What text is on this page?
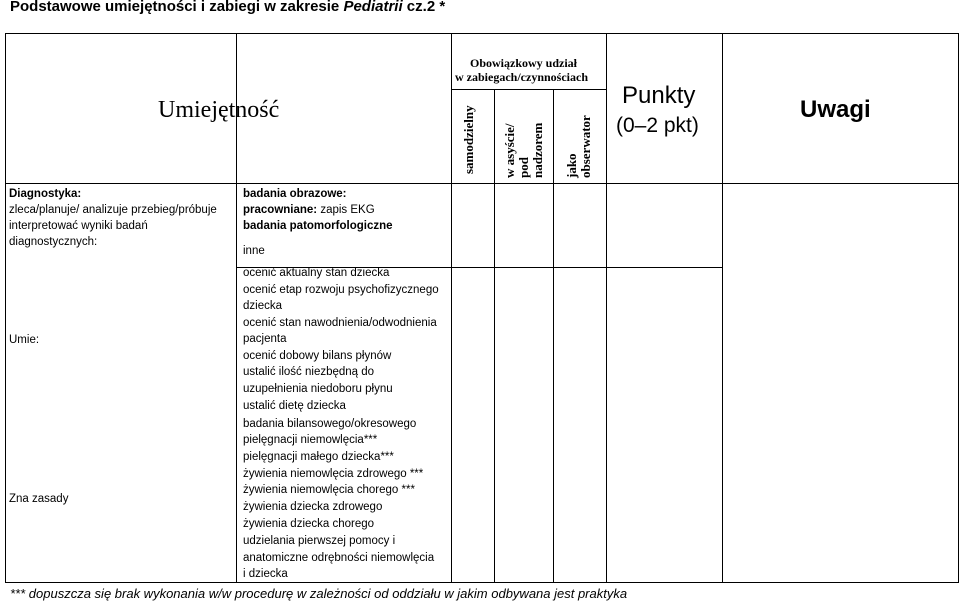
Podstawowe umiejętności i zabiegi w zakresie Pediatrii cz.2 *
Umiejętność
Obowiązkowy udział
w zabiegach/czynnościach
samodzielny w asyście/ pod nadzorem jako obserwator
Punkty
(0–2 pkt)
Uwagi
Diagnostyka:
zleca/planuje/ analizuje przebieg/próbuje
interpretować wyniki badań
diagnostycznych:
badania obrazowe:
pracowniane: zapis EKG
badania patomorfologiczne
inne
Umie:
ocenić aktualny stan dziecka
ocenić etap rozwoju psychofizycznego
dziecka
ocenić stan nawodnienia/odwodnienia
pacjenta
ocenić dobowy bilans płynów
ustalić ilość niezbędną do
uzupełnienia niedoboru płynu
ustalić dietę dziecka
Zna zasady
badania bilansowego/okresowego
pielęgnacji niemowlęcia***
pielęgnacji małego dziecka***
żywienia niemowlęcia zdrowego ***
żywienia niemowlęcia chorego ***
żywienia dziecka zdrowego
żywienia dziecka chorego
udzielania pierwszej pomocy i
anatomiczne odrębności niemowlęcia
i dziecka
*** dopuszcza się brak wykonania w/w procedurę w zależności od oddziału w jakim odbywana jest praktyka
